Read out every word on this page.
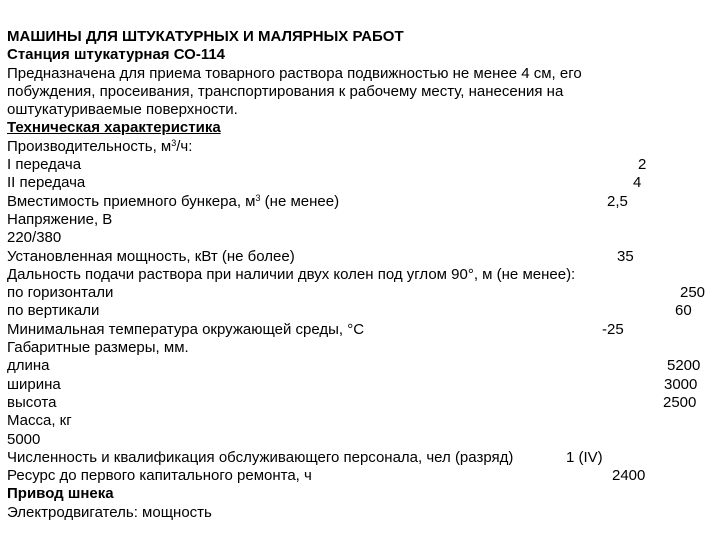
МАШИНЫ ДЛЯ ШТУКАТУРНЫХ И МАЛЯРНЫХ РАБОТ
Станция штукатурная СО-114
Предназначена для приема товарного раствора подвижностью не менее 4 см, его
побуждения, просеивания, транспортирования к рабочему месту, нанесения на
оштукатуриваемые поверхности.
Техническая характеристика
Производительность, $м^3/ч$:
I передача	2
II передача	4
Вместимость приемного бункера, $м^3$ (не менее)	2,5
Напряжение, В
220/380
Установленная мощность, кВт (не более)	35
Дальность подачи раствора при наличии двух колен под углом 90°, м (не менее):
по горизонтали	250
по вертикали	60
Минимальная температура окружающей среды, °С	-25
Габаритные размеры, мм.
длина	5200
ширина	3000
высота	2500
Масса, кг
5000
Численность и квалификация обслуживающего персонала, чел (разряд)	1 (IV)
Ресурс до первого капитального ремонта, ч	2400
Привод шнека
Электродвигатель: мощность
